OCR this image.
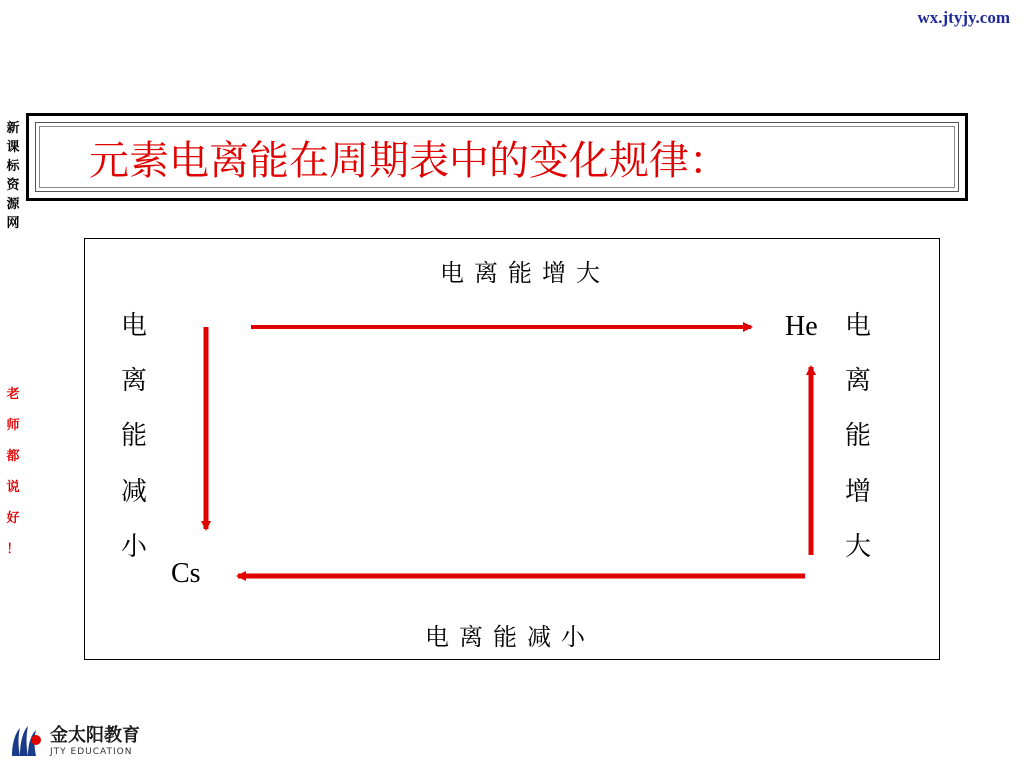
wx.jtyjy.com
新
课
标
资
源
网
老
师
都
说
好
！
元素电离能在周期表中的变化规律：
电离能增大
电离能减小
电
离
能
减
小
电
离
能
增
大
He
Cs
金太阳教育
JTY EDUCATION
